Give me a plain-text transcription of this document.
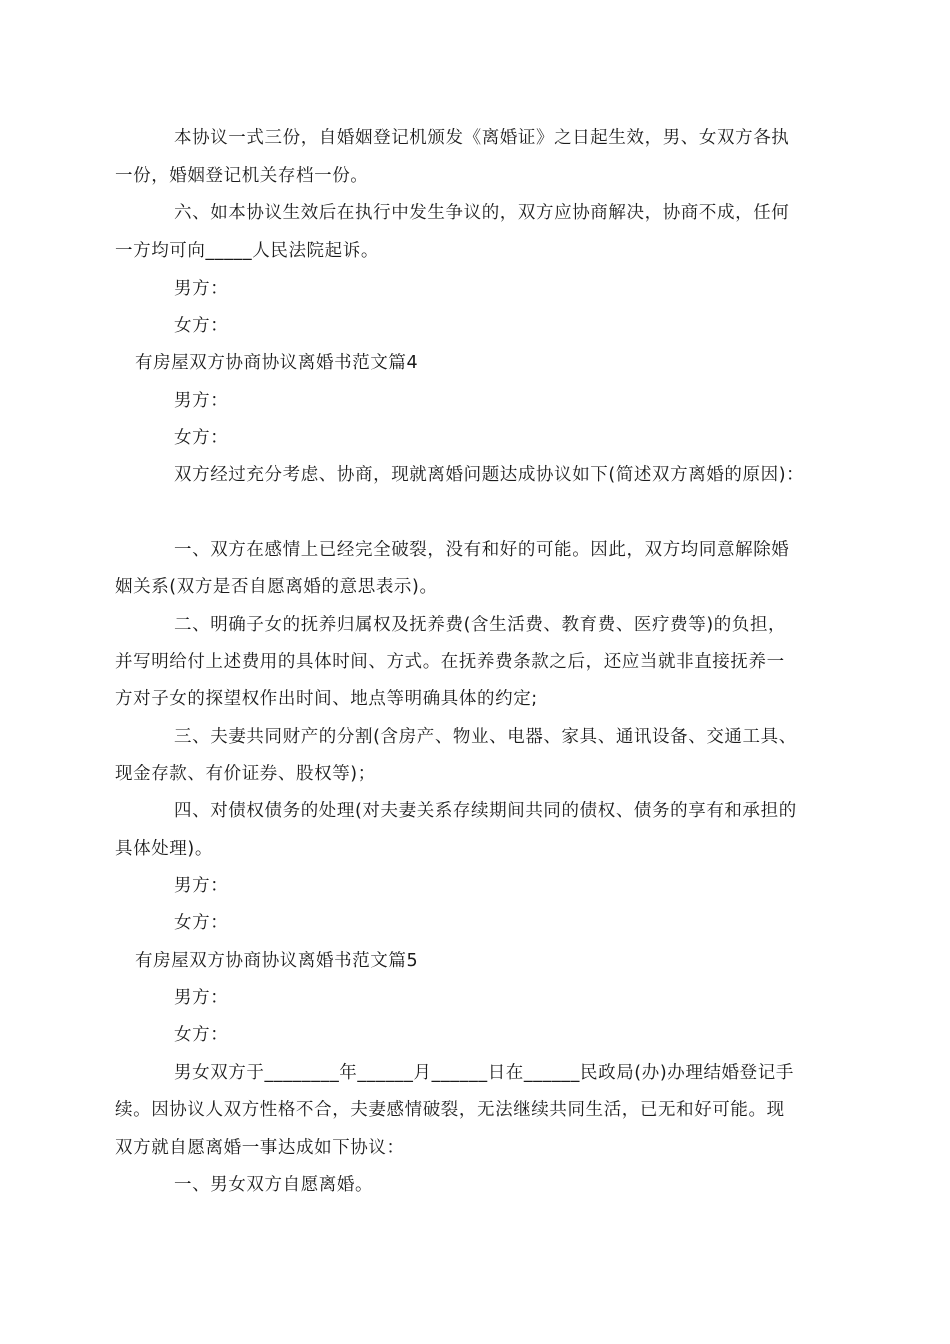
本协议一式三份，自婚姻登记机颁发《离婚证》之日起生效，男、女双方各执
一份，婚姻登记机关存档一份。
六、如本协议生效后在执行中发生争议的，双方应协商解决，协商不成，任何
一方均可向_____人民法院起诉。
男方：
女方：
有房屋双方协商协议离婚书范文篇4
男方：
女方：
双方经过充分考虑、协商，现就离婚问题达成协议如下(简述双方离婚的原因)：
一、双方在感情上已经完全破裂，没有和好的可能。因此，双方均同意解除婚
姻关系(双方是否自愿离婚的意思表示)。
二、明确子女的抚养归属权及抚养费(含生活费、教育费、医疗费等)的负担，
并写明给付上述费用的具体时间、方式。在抚养费条款之后，还应当就非直接抚养一
方对子女的探望权作出时间、地点等明确具体的约定;
三、夫妻共同财产的分割(含房产、物业、电器、家具、通讯设备、交通工具、
现金存款、有价证券、股权等)；
四、对债权债务的处理(对夫妻关系存续期间共同的债权、债务的享有和承担的
具体处理)。
男方：
女方：
有房屋双方协商协议离婚书范文篇5
男方：
女方：
男女双方于________年______月______日在______民政局(办)办理结婚登记手
续。因协议人双方性格不合，夫妻感情破裂，无法继续共同生活，已无和好可能。现
双方就自愿离婚一事达成如下协议：
一、男女双方自愿离婚。
